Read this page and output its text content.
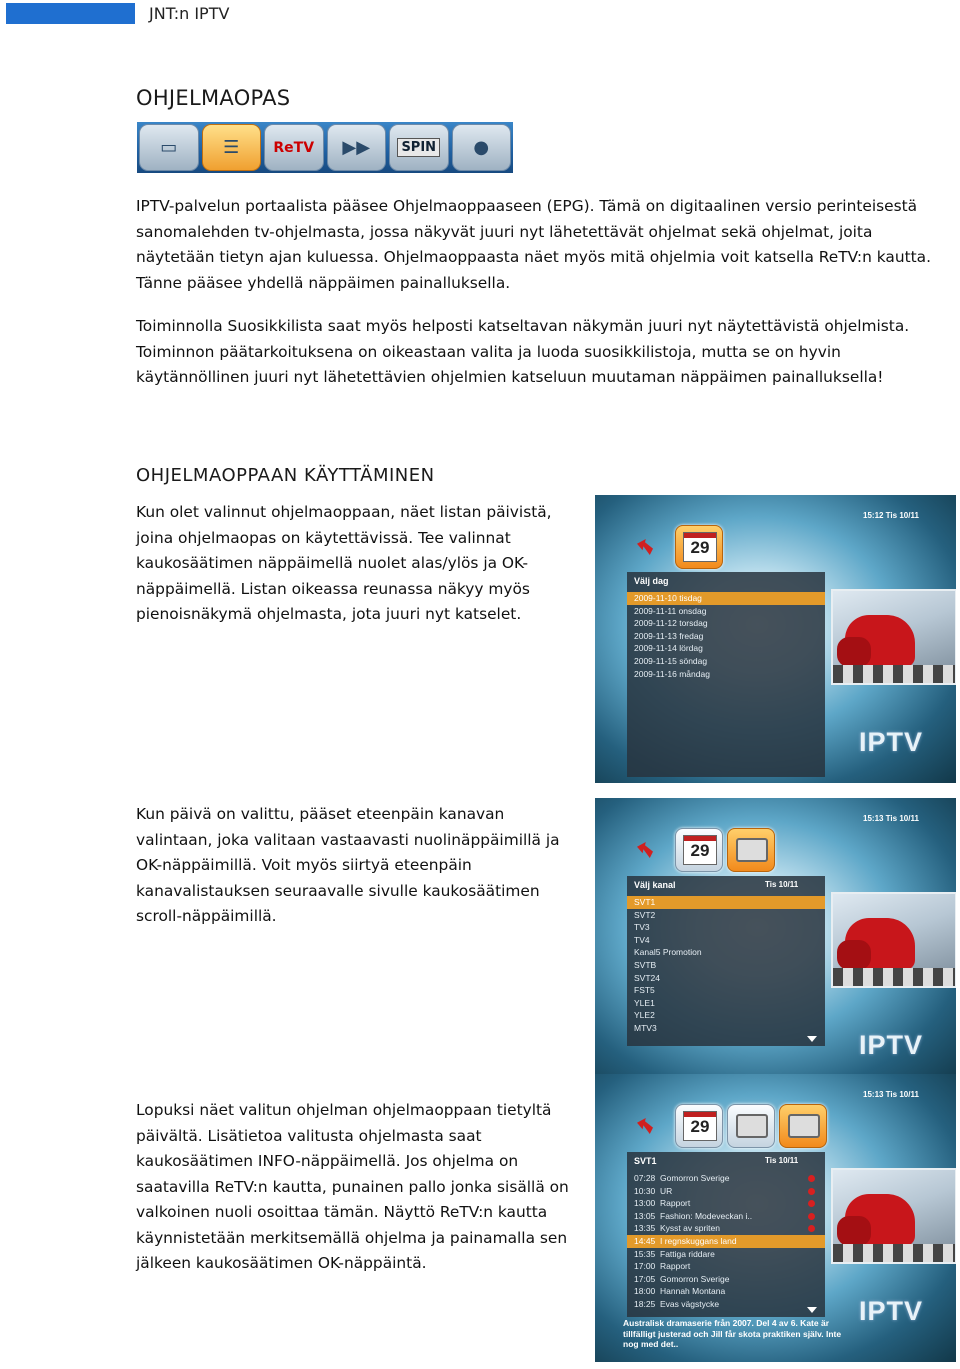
JNT:n IPTV
OHJELMAOPAS
▭	☰ ReTV ▶▶	SPIN ●
IPTV-palvelun portaalista pääsee Ohjelmaoppaaseen (EPG). Tämä on digitaalinen versio perinteisestä sanomalehden tv-ohjelmasta, jossa näkyvät juuri nyt lähetettävät ohjelmat sekä ohjelmat, joita näytetään tietyn ajan kuluessa. Ohjelmaoppaasta näet myös mitä ohjelmia voit katsella ReTV:n kautta. Tänne pääsee yhdellä näppäimen painalluksella.
Toiminnolla Suosikkilista saat myös helposti katseltavan näkymän juuri nyt näytettävistä ohjelmista. Toiminnon päätarkoituksena on oikeastaan valita ja luoda suosikkilistoja, mutta se on hyvin käytännöllinen juuri nyt lähetettävien ohjelmien katseluun muutaman näppäimen painalluksella!
OHJELMAOPPAAN KÄYTTÄMINEN
Kun olet valinnut ohjelmaoppaan, näet listan päivistä, joina ohjelmaopas on käytettävissä. Tee valinnat kaukosäätimen näppäimellä nuolet alas/ylös ja OK-näppäimellä. Listan oikeassa reunassa näkyy myös pienoisnäkymä ohjelmasta, jota juuri nyt katselet.
Kun päivä on valittu, pääset eteenpäin kanavan valintaan, joka valitaan vastaavasti nuolinäppäimillä ja OK-näppäimillä. Voit myös siirtyä eteenpäin kanavalistauksen seuraavalle sivulle kaukosäätimen scroll-näppäimillä.
Lopuksi näet valitun ohjelman ohjelmaoppaan tietyltä päivältä. Lisätietoa valitusta ohjelmasta saat kaukosäätimen INFO-näppäimellä. Jos ohjelma on saatavilla ReTV:n kautta, punainen pallo jonka sisällä on valkoinen nuoli osoittaa tämän. Näyttö ReTV:n kautta käynnistetään merkitsemällä ohjelma ja painamalla sen jälkeen kaukosäätimen OK-näppäintä.
15:12 Tis 10/11
29
Välj dag
2009-11-10 tisdag
2009-11-11 onsdag
2009-11-12 torsdag
2009-11-13 fredag
2009-11-14 lördag
2009-11-15 söndag
2009-11-16 måndag
IPTV
15:13 Tis 10/11
29
Välj kanal	Tis 10/11
SVT1
SVT2
TV3
TV4
Kanal5 Promotion
SVTB
SVT24
FST5
YLE1
YLE2
MTV3
IPTV
15:13 Tis 10/11
29
SVT1	Tis 10/11
07:28 Gomorron Sverige
10:30 UR
13:00 Rapport
13:05 Fashion: Modeveckan i..
13:35 Kysst av spriten
14:45 I regnskuggans land
15:35 Fattiga riddare
17:00 Rapport
17:05 Gomorron Sverige
18:00 Hannah Montana
18:25 Evas vägstycke
Australisk dramaserie från 2007. Del 4 av 6. Kate är tillfälligt justerad och Jill får skota praktiken själv. Inte nog med det..
IPTV
